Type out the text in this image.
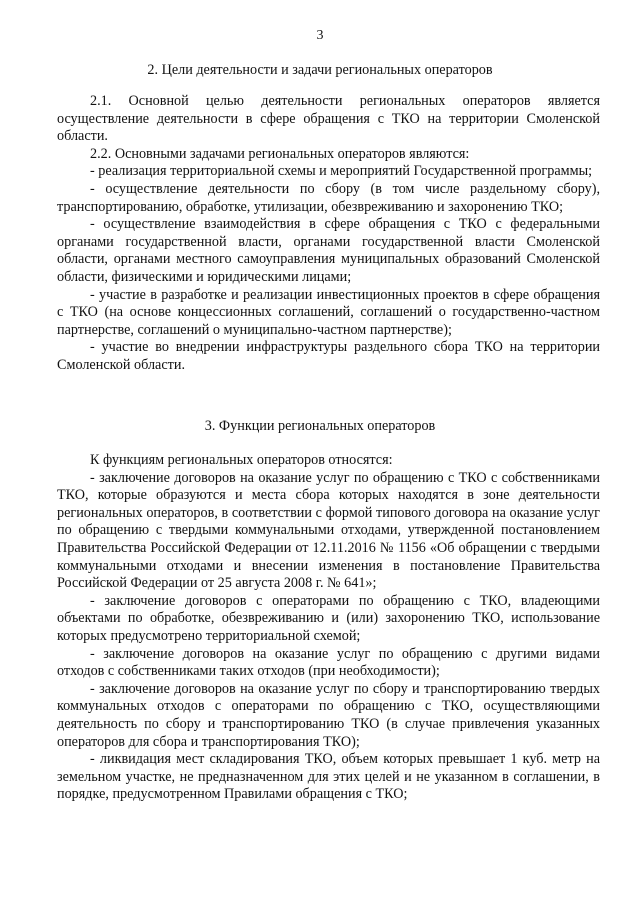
3
2. Цели деятельности и задачи региональных операторов

2.1. Основной целью деятельности региональных операторов является осуществление деятельности в сфере обращения с ТКО на территории Смоленской области.

2.2. Основными задачами региональных операторов являются:

- реализация территориальной схемы и мероприятий Государственной программы;

- осуществление деятельности по сбору (в том числе раздельному сбору), транспортированию, обработке, утилизации, обезвреживанию и захоронению ТКО;

- осуществление взаимодействия в сфере обращения с ТКО с федеральными органами государственной власти, органами государственной власти Смоленской области, органами местного самоуправления муниципальных образований Смоленской области, физическими и юридическими лицами;

- участие в разработке и реализации инвестиционных проектов в сфере обращения с ТКО (на основе концессионных соглашений, соглашений о государственно-частном партнерстве, соглашений о муниципально-частном партнерстве);

- участие во внедрении инфраструктуры раздельного сбора ТКО на территории Смоленской области.

3. Функции региональных операторов

К функциям региональных операторов относятся:

- заключение договоров на оказание услуг по обращению с ТКО с собственниками ТКО, которые образуются и места сбора которых находятся в зоне деятельности региональных операторов, в соответствии с формой типового договора на оказание услуг по обращению с твердыми коммунальными отходами, утвержденной постановлением Правительства Российской Федерации от 12.11.2016 № 1156 «Об обращении с твердыми коммунальными отходами и внесении изменения в постановление Правительства Российской Федерации от 25 августа 2008 г. № 641»;

- заключение договоров с операторами по обращению с ТКО, владеющими объектами по обработке, обезвреживанию и (или) захоронению ТКО, использование которых предусмотрено территориальной схемой;

- заключение договоров на оказание услуг по обращению с другими видами отходов с собственниками таких отходов (при необходимости);

- заключение договоров на оказание услуг по сбору и транспортированию твердых коммунальных отходов с операторами по обращению с ТКО, осуществляющими деятельность по сбору и транспортированию ТКО (в случае привлечения указанных операторов для сбора и транспортирования ТКО);

- ликвидация мест складирования ТКО, объем которых превышает 1 куб. метр на земельном участке, не предназначенном для этих целей и не указанном в соглашении, в порядке, предусмотренном Правилами обращения с ТКО;
